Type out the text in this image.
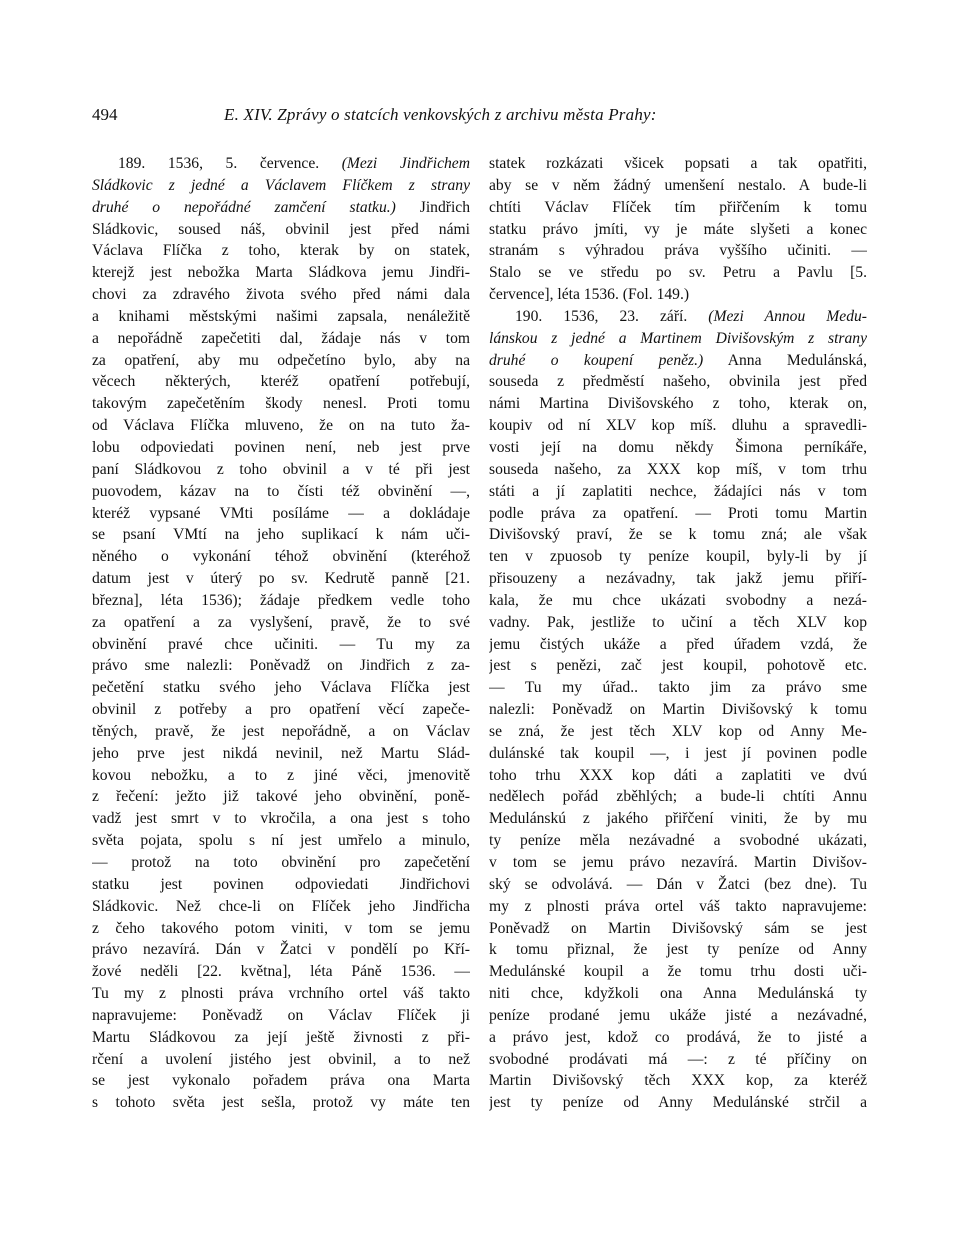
494	E. XIV. Zprávy o statcích venkovských z archivu města Prahy:
189. 1536, 5. července. (Mezi Jindřichem
Sládkovic z jedné a Václavem Flíčkem z strany
druhé o nepořádné zamčení statku.) Jindřich
Sládkovic, soused náš, obvinil jest před námi
Václava Flíčka z toho, kterak by on statek,
kterejž jest nebožka Marta Sládkova jemu Jindři-
chovi za zdravého života svého před námi dala
a knihami městskými našimi zapsala, nenáležitě
a nepořádně zapečetiti dal, žádaje nás v tom
za opatření, aby mu odpečetíno bylo, aby na
věcech některých, kteréž opatření potřebují,
takovým zapečetěním škody nenesl. Proti tomu
od Václava Flíčka mluveno, že on na tuto ža-
lobu odpoviedati povinen není, neb jest prve
paní Sládkovou z toho obvinil a v té při jest
puovodem, kázav na to čísti též obvinění —,
kteréž vypsané VMti posíláme — a dokládaje
se psaní VMtí na jeho suplikací k nám uči-
něného o vykonání téhož obvinění (kteréhož
datum jest v úterý po sv. Kedrutě panně [21.
března], léta 1536); žádaje předkem vedle toho
za opatření a za vyslyšení, pravě, že to své
obvinění pravé chce učiniti. — Tu my za
právo sme nalezli: Poněvadž on Jindřich z za-
pečetění statku svého jeho Václava Flíčka jest
obvinil z potřeby a pro opatření věcí zapeče-
těných, pravě, že jest nepořádně, a on Václav
jeho prve jest nikdá nevinil, než Martu Slád-
kovou nebožku, a to z jiné věci, jmenovitě
z řečení: ježto již takové jeho obvinění, poně-
vadž jest smrt v to vkročila, a ona jest s toho
světa pojata, spolu s ní jest umřelo a minulo,
— protož na toto obvinění pro zapečetění
statku jest povinen odpoviedati Jindřichovi
Sládkovic. Než chce-li on Flíček jeho Jindřicha
z čeho takového potom viniti, v tom se jemu
právo nezavírá. Dán v Žatci v pondělí po Kří-
žové neděli [22. května], léta Páně 1536. —
Tu my z plnosti práva vrchního ortel váš takto
napravujeme: Poněvadž on Václav Flíček ji
Martu Sládkovou za její ještě živnosti z při-
rčení a uvolení jistého jest obvinil, a to než
se jest vykonalo pořadem práva ona Marta
s tohoto světa jest sešla, protož vy máte ten
statek rozkázati všicek popsati a tak opatřiti,
aby se v něm žádný umenšení nestalo. A bude-li
chtíti Václav Flíček tím přiřčením k tomu
statku právo jmíti, vy je máte slyšeti a konec
stranám s výhradou práva vyššího učiniti. —
Stalo se ve středu po sv. Petru a Pavlu [5.
července], léta 1536. (Fol. 149.)
190. 1536, 23. září. (Mezi Annou Medu-
lánskou z jedné a Martinem Divišovským z strany
druhé o koupení peněz.) Anna Medulánská,
souseda z předměstí našeho, obvinila jest před
námi Martina Divišovského z toho, kterak on,
koupiv od ní XLV kop míš. dluhu a spravedli-
vosti její na domu někdy Šimona perníkáře,
souseda našeho, za XXX kop míš, v tom trhu
státi a jí zaplatiti nechce, žádajíci nás v tom
podle práva za opatření. — Proti tomu Martin
Divišovský praví, že se k tomu zná; ale však
ten v zpuosob ty peníze koupil, byly-li by jí
přisouzeny a nezávadny, tak jakž jemu přiří-
kala, že mu chce ukázati svobodny a nezá-
vadny. Pak, jestliže to učiní a těch XLV kop
jemu čistých ukáže a před úřadem vzdá, že
jest s penězi, zač jest koupil, pohotově etc.
— Tu my úřad.. takto jim za právo sme
nalezli: Poněvadž on Martin Divišovský k tomu
se zná, že jest těch XLV kop od Anny Me-
dulánské tak koupil —, i jest jí povinen podle
toho trhu XXX kop dáti a zaplatiti ve dvú
nedělech pořád zběhlých; a bude-li chtíti Annu
Medulánskú z jakého přiřčení viniti, že by mu
ty peníze měla nezávadné a svobodné ukázati,
v tom se jemu právo nezavírá. Martin Divišov-
ský se odvolává. — Dán v Žatci (bez dne). Tu
my z plnosti práva ortel váš takto napravujeme:
Poněvadž on Martin Divišovský sám se jest
k tomu přiznal, že jest ty peníze od Anny
Medulánské koupil a že tomu trhu dosti uči-
niti chce, kdyžkoli ona Anna Medulánská ty
peníze prodané jemu ukáže jisté a nezávadné,
a právo jest, kdož co prodává, že to jisté a
svobodné prodávati má —: z té příčiny on
Martin Divišovský těch XXX kop, za kteréž
jest ty peníze od Anny Medulánské strčil a
